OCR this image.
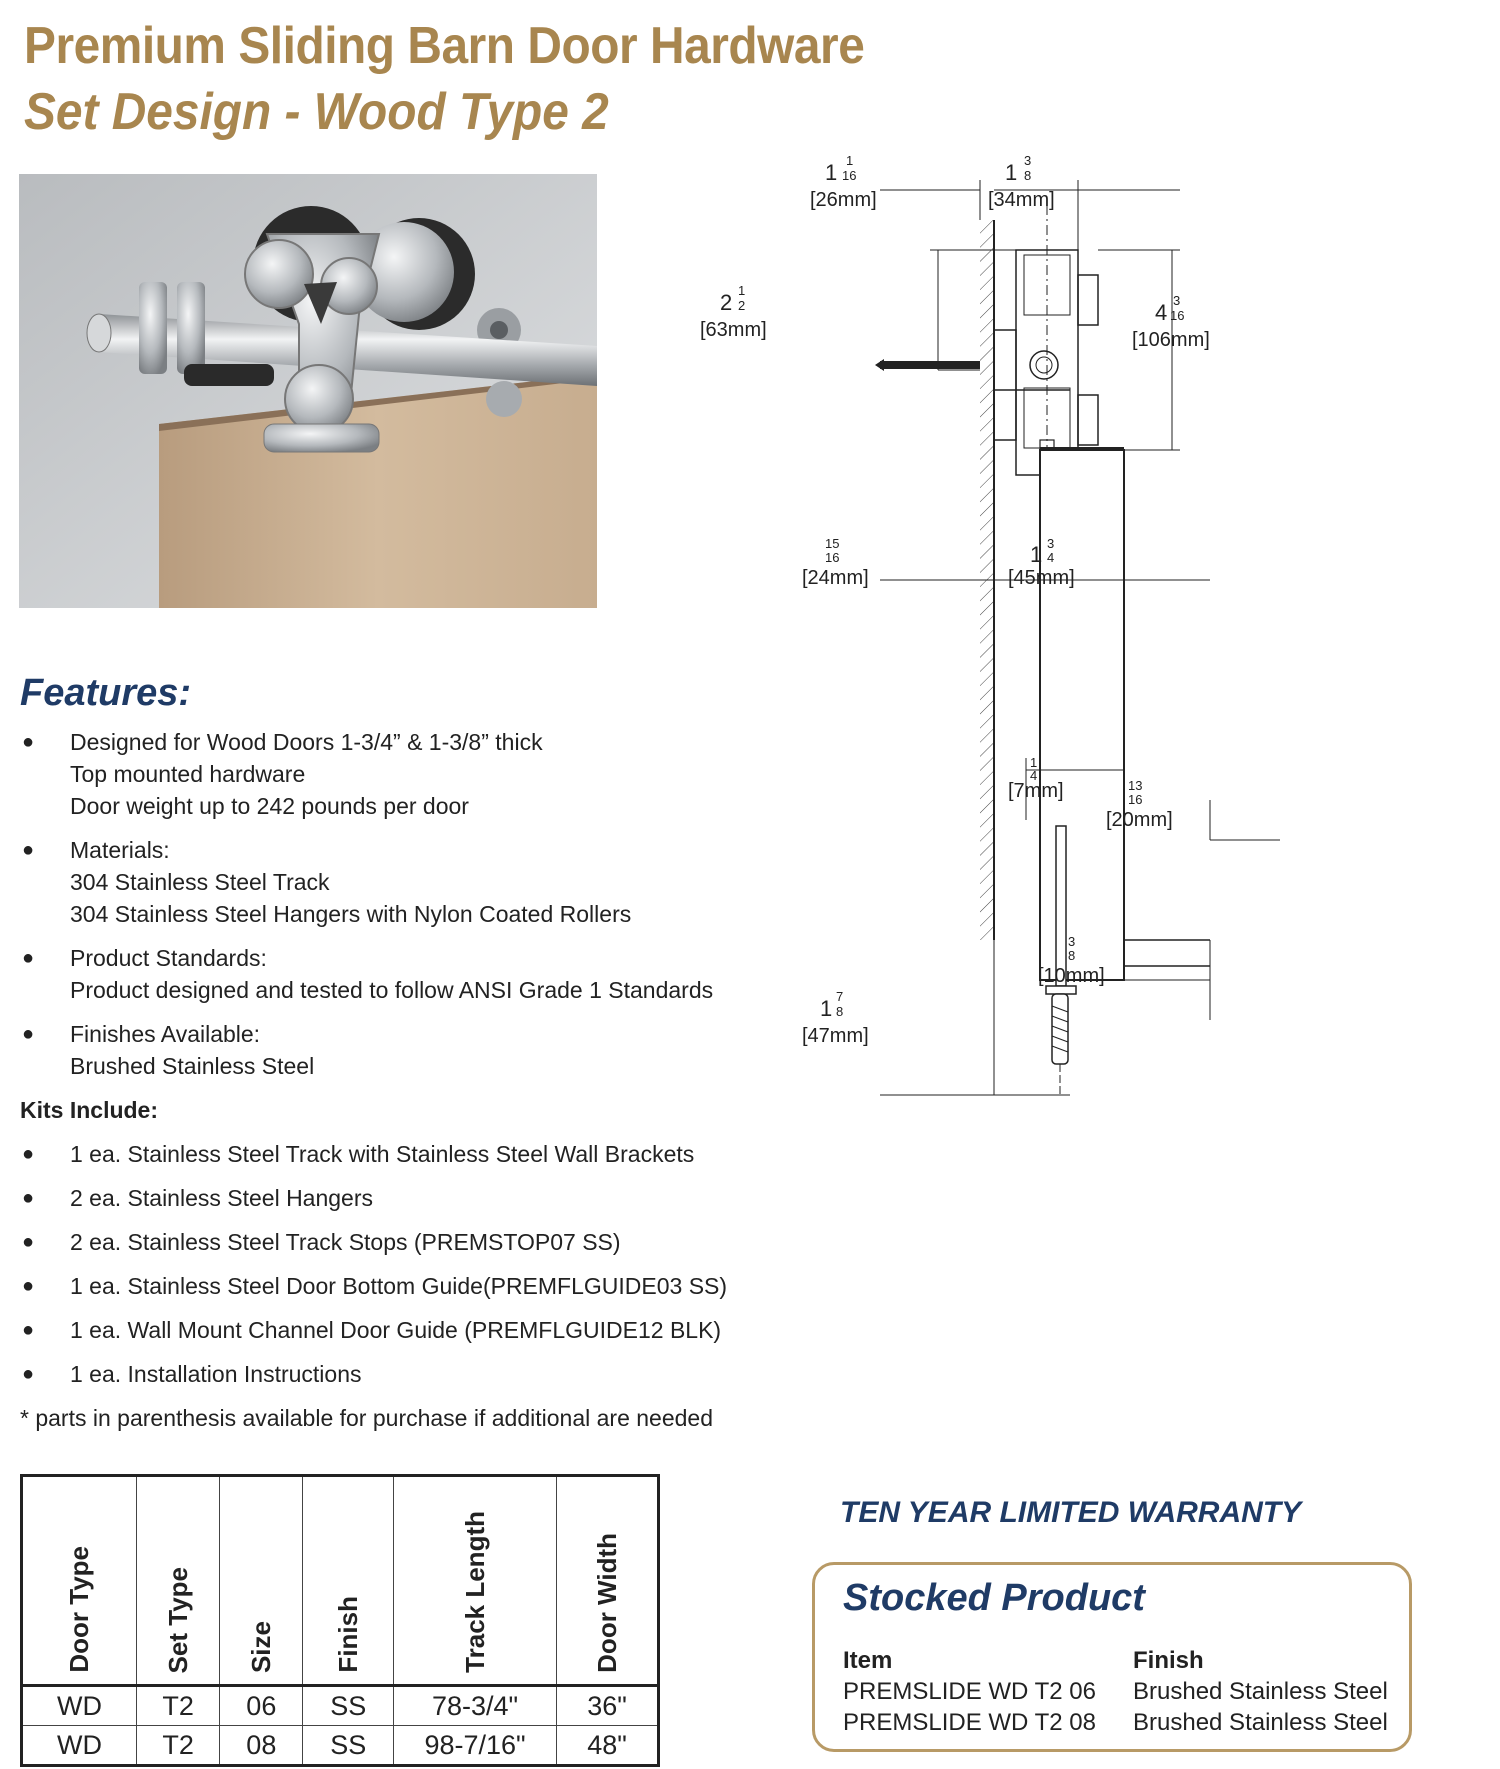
Premium Sliding Barn Door Hardware
Set Design - Wood Type 2
1 1
16
[26mm]
1 3
8
[34mm]
2 1
2
[63mm]
15
16
[24mm]
1 3
4
[45mm]
1
4
[7mm]	13
16
[20mm]
3
8
[10mm]
1 7
8
[47mm]
4 3
16
[106mm]
Features:
●	Designed for Wood Doors 1-3/4” & 1-3/8” thick
Top mounted hardware
Door weight up to 242 pounds per door
●	Materials:
304 Stainless Steel Track
304 Stainless Steel Hangers with Nylon Coated Rollers
●	Product Standards:
Product designed and tested to follow ANSI Grade 1 Standards
●	Finishes Available:
Brushed Stainless Steel
Kits Include:
●	1 ea. Stainless Steel Track with Stainless Steel Wall Brackets
●	2 ea. Stainless Steel Hangers
●	2 ea. Stainless Steel Track Stops (PREMSTOP07 SS)
●	1 ea. Stainless Steel Door Bottom Guide(PREMFLGUIDE03 SS)
●	1 ea. Wall Mount Channel Door Guide (PREMFLGUIDE12 BLK)
●	1 ea. Installation Instructions
* parts in parenthesis available for purchase if additional are needed
Door Type	Set Type	Size	Finish	Track Length	Door Width
WD	T2	06	SS	78-3/4"	36"
WD	T2	08	SS	98-7/16"	48"
TEN YEAR LIMITED WARRANTY
Stocked Product
Item	Finish
PREMSLIDE WD T2 06	Brushed Stainless Steel
PREMSLIDE WD T2 08	Brushed Stainless Steel
